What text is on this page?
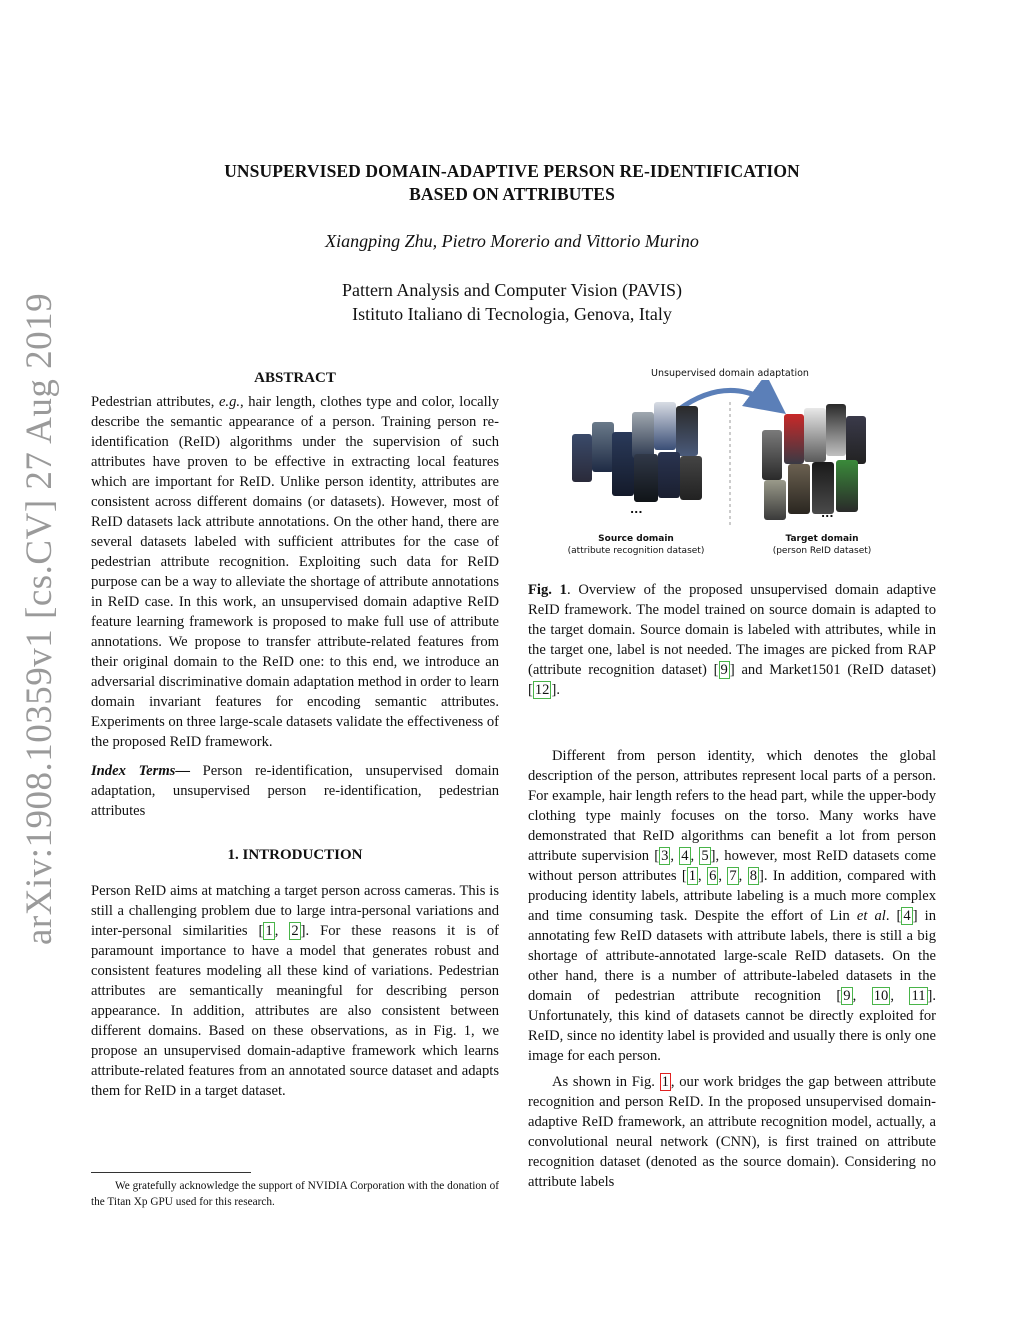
arXiv:1908.10359v1 [cs.CV] 27 Aug 2019
UNSUPERVISED DOMAIN-ADAPTIVE PERSON RE-IDENTIFICATION
BASED ON ATTRIBUTES
Xiangping Zhu, Pietro Morerio and Vittorio Murino
Pattern Analysis and Computer Vision (PAVIS)
Istituto Italiano di Tecnologia, Genova, Italy

ABSTRACT

Pedestrian attributes, e.g., hair length, clothes type and color, locally describe the semantic appearance of a person. Training person re-identification (ReID) algorithms under the supervision of such attributes have proven to be effective in extracting local features which are important for ReID. Unlike person identity, attributes are consistent across different domains (or datasets). However, most of ReID datasets lack attribute annotations. On the other hand, there are several datasets labeled with sufficient attributes for the case of pedestrian attribute recognition. Exploiting such data for ReID purpose can be a way to alleviate the shortage of attribute annotations in ReID case. In this work, an unsupervised domain adaptive ReID feature learning framework is proposed to make full use of attribute annotations. We propose to transfer attribute-related features from their original domain to the ReID one: to this end, we introduce an adversarial discriminative domain adaptation method in order to learn domain invariant features for encoding semantic attributes. Experiments on three large-scale datasets validate the effectiveness of the proposed ReID framework.

Index Terms— Person re-identification, unsupervised domain adaptation, unsupervised person re-identification, pedestrian attributes

1. INTRODUCTION

Person ReID aims at matching a target person across cameras. This is still a challenging problem due to large intra-personal variations and inter-personal similarities [ 1 , 2 ]. For these reasons it is of paramount importance to have a model that generates robust and consistent features modeling all these kind of variations. Pedestrian attributes are semantically meaningful for describing person appearance. In addition, attributes are also consistent between different domains. Based on these observations, as in Fig. 1, we propose an unsupervised domain-adaptive framework which learns attribute-related features from an annotated source dataset and adapts them for ReID in a target dataset.

We gratefully acknowledge the support of NVIDIA Corporation with the donation of the Titan Xp GPU used for this research.
Unsupervised domain adaptation
...	...
Source domain
(attribute recognition dataset)
Target domain
(person ReID dataset)
Fig. 1. Overview of the proposed unsupervised domain adaptive ReID framework. The model trained on source domain is adapted to the target domain. Source domain is labeled with attributes, while in the target one, label is not needed. The images are picked from RAP (attribute recognition dataset) [ 9 ] and Market1501 (ReID dataset) [ 12 ].

Different from person identity, which denotes the global description of the person, attributes represent local parts of a person. For example, hair length refers to the head part, while the upper-body clothing type mainly focuses on the torso. Many works have demonstrated that ReID algorithms can benefit a lot from person attribute supervision [ 3 , 4 , 5 ], however, most ReID datasets come without person attributes [ 1 , 6 , 7 , 8 ]. In addition, compared with producing identity labels, attribute labeling is a much more complex and time consuming task. Despite the effort of Lin et al. [ 4 ] in annotating few ReID datasets with attribute labels, there is still a big shortage of attribute-annotated large-scale ReID datasets. On the other hand, there is a number of attribute-labeled datasets in the domain of pedestrian attribute recognition [ 9 , 10 , 11 ]. Unfortunately, this kind of datasets cannot be directly exploited for ReID, since no identity label is provided and usually there is only one image for each person.

As shown in Fig. 1 , our work bridges the gap between attribute recognition and person ReID. In the proposed unsupervised domain-adaptive ReID framework, an attribute recognition model, actually, a convolutional neural network (CNN), is first trained on attribute recognition dataset (denoted as the source domain). Considering no attribute labels
